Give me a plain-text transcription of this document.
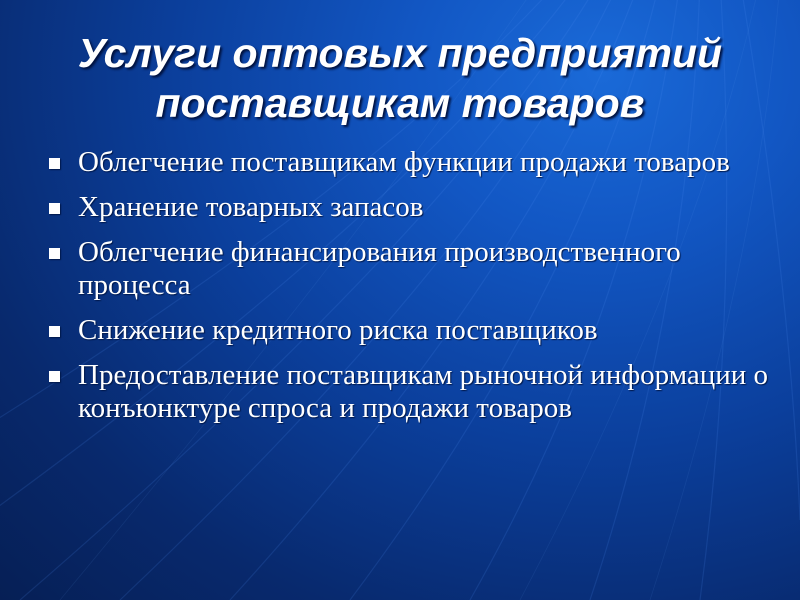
Услуги оптовых предприятий поставщикам товаров
Облегчение поставщикам функции продажи товаров
Хранение товарных запасов
Облегчение финансирования производственного процесса
Снижение кредитного риска поставщиков
Предоставление поставщикам рыночной информации о конъюнктуре спроса и продажи товаров
